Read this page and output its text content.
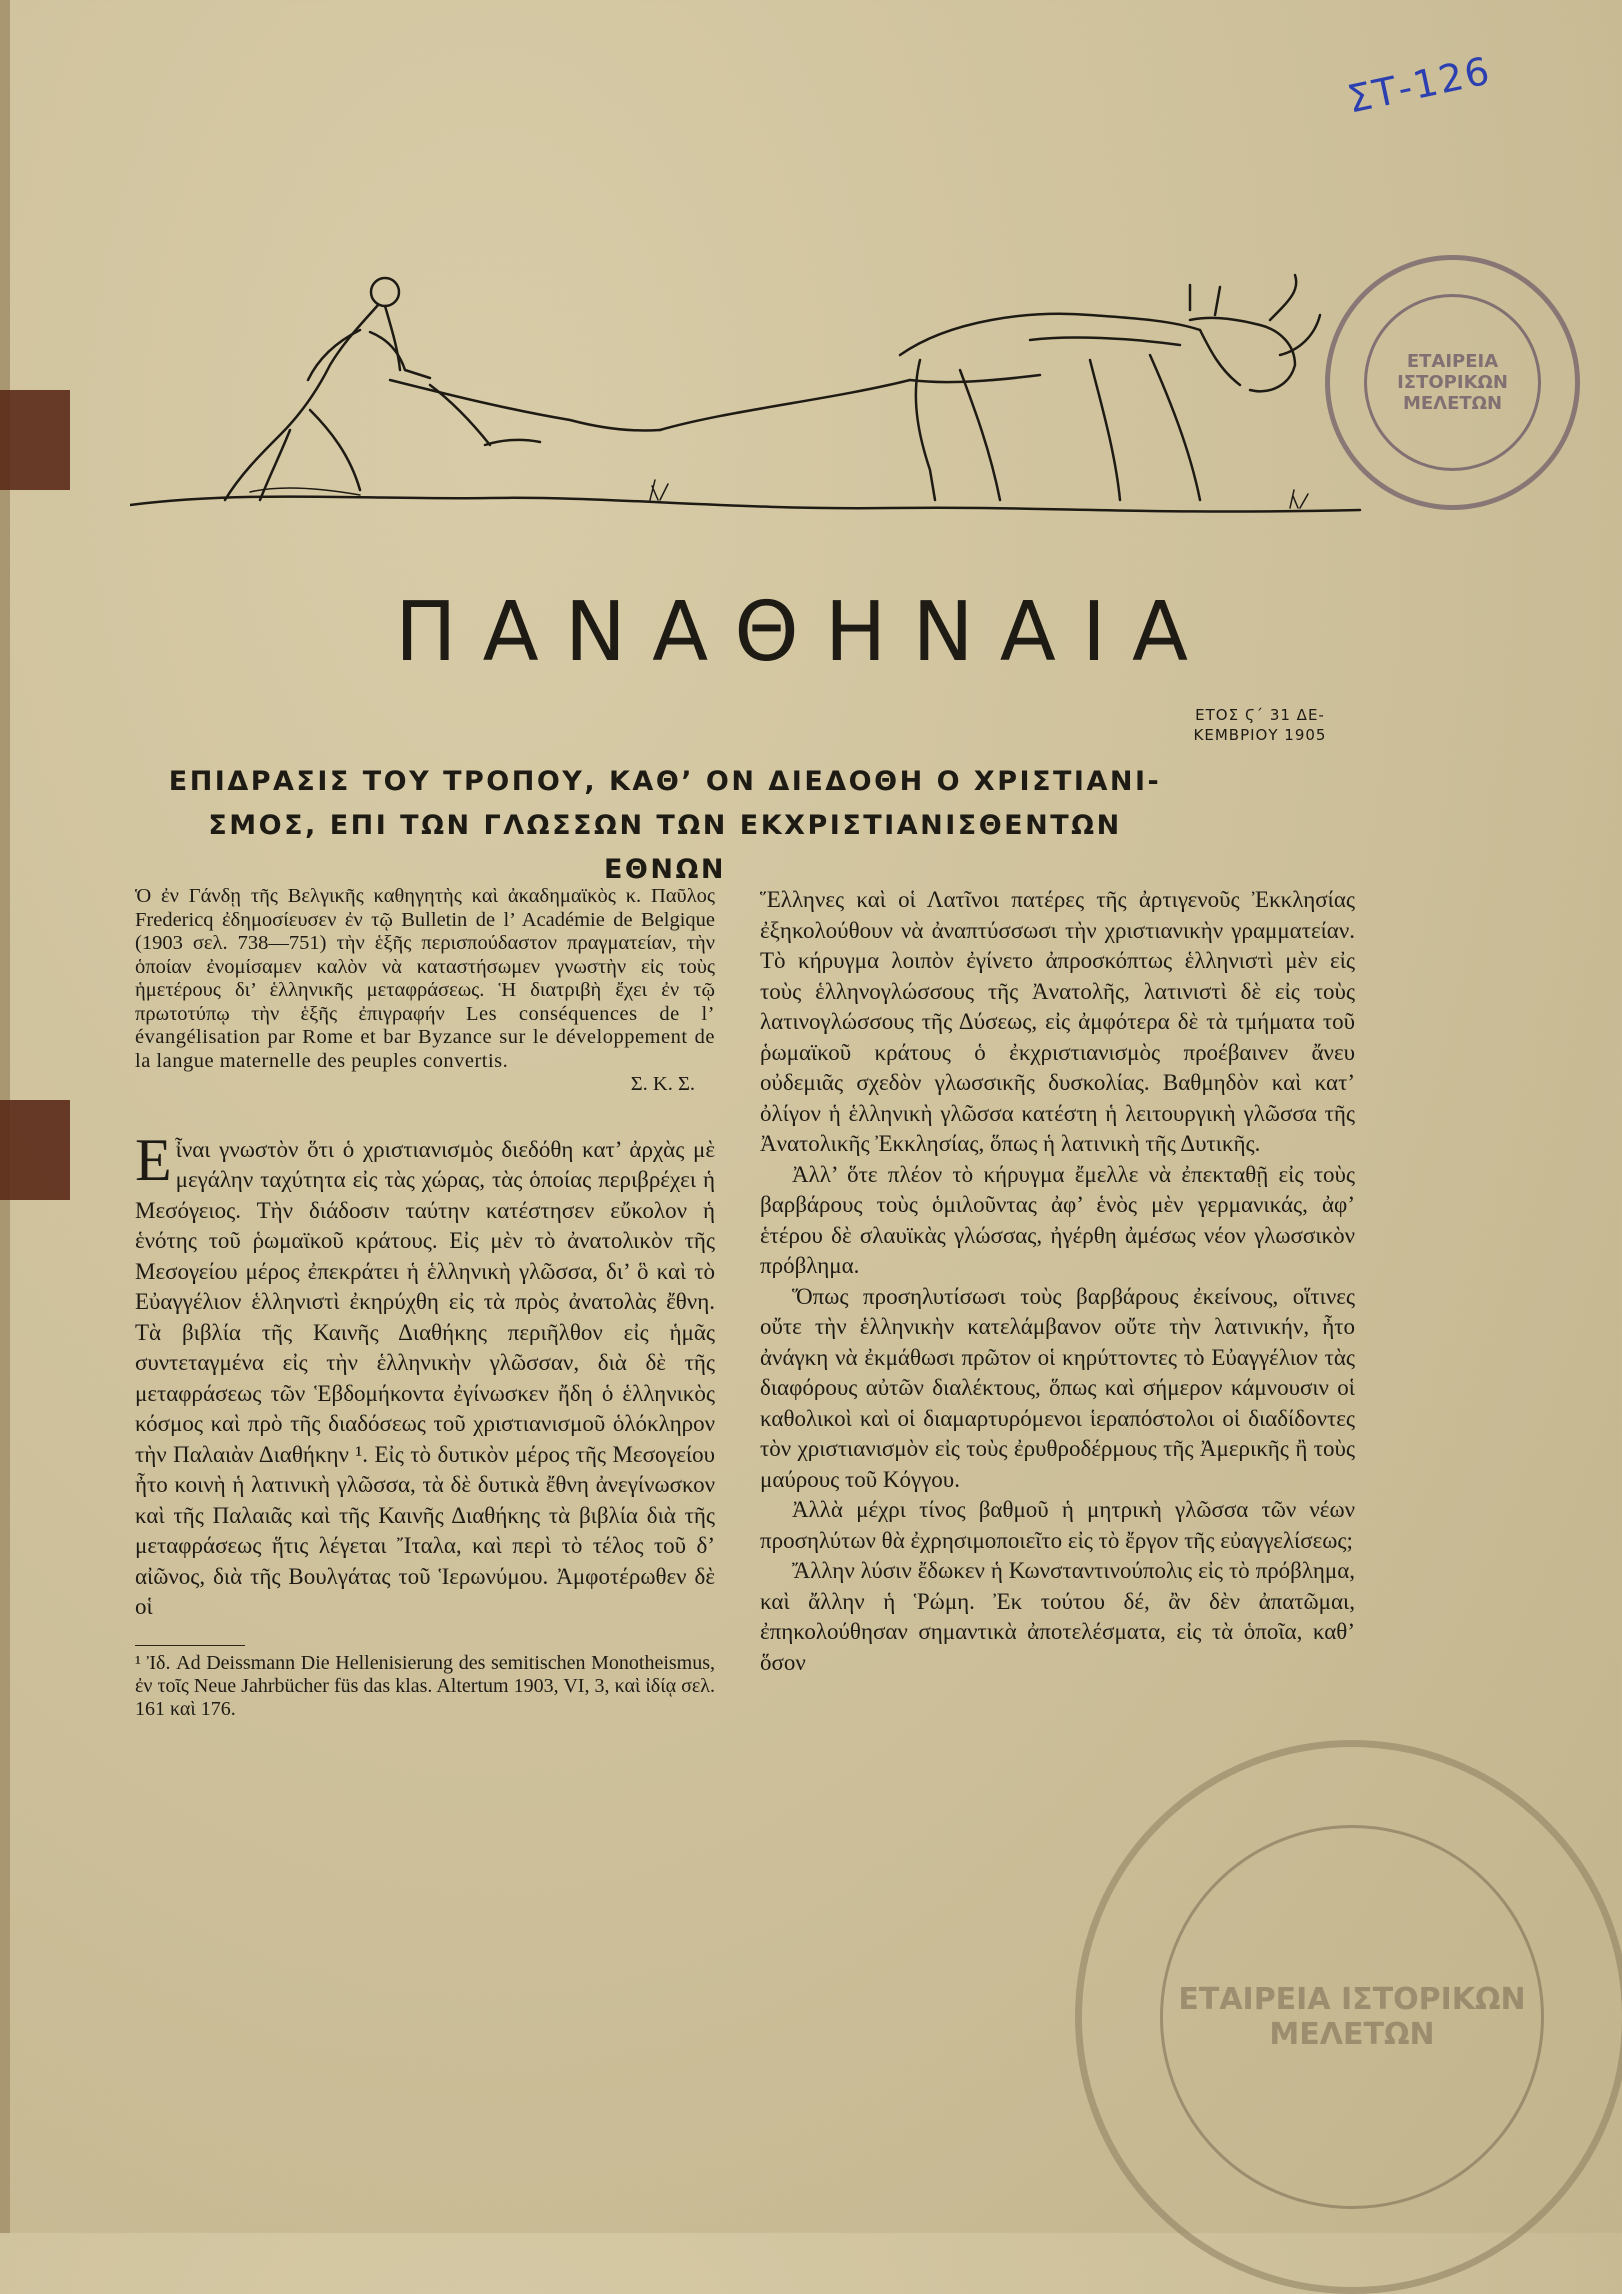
ΣΤ-126
ΕΤΑΙΡΕΙΑ ΙΣΤΟΡΙΚΩΝ ΜΕΛΕΤΩΝ
ΕΤΑΙΡΕΙΑ ΙΣΤΟΡΙΚΩΝ ΜΕΛΕΤΩΝ
ΠΑΝΑΘΗΝΑΙΑ
ΕΤΟΣ Ϛ΄ 31 ΔΕ-
ΚΕΜΒΡΙΟΥ 1905
ΕΠΙΔΡΑΣΙΣ ΤΟΥ ΤΡΟΠΟΥ, ΚΑΘ’ ΟΝ ΔΙΕΔΟΘΗ Ο ΧΡΙΣΤΙΑΝΙ-
ΣΜΟΣ, ΕΠΙ ΤΩΝ ΓΛΩΣΣΩΝ ΤΩΝ ΕΚΧΡΙΣΤΙΑΝΙΣΘΕΝΤΩΝ ΕΘΝΩΝ

Ὁ ἐν Γάνδῃ τῆς Βελγικῆς καθηγητὴς καὶ ἀκαδημαϊκὸς κ. Παῦλος Fredericq ἐδημοσίευσεν ἐν τῷ Bulletin de l’ Académie de Belgique (1903 σελ. 738—751) τὴν ἑξῆς περισπούδαστον πραγματείαν, τὴν ὁποίαν ἐνομίσαμεν καλὸν νὰ καταστήσωμεν γνωστὴν εἰς τοὺς ἡμετέρους δι’ ἑλληνικῆς μεταφράσεως. Ἡ διατριβὴ ἔχει ἐν τῷ πρωτοτύπῳ τὴν ἑξῆς ἐπιγραφήν Les conséquences de l’ évangélisation par Rome et bar Byzance sur le développement de la langue maternelle des peuples convertis.

Σ. Κ. Σ.

Εἶναι γνωστὸν ὅτι ὁ χριστιανισμὸς διεδόθη κατ’ ἀρχὰς μὲ μεγάλην ταχύτητα εἰς τὰς χώρας, τὰς ὁποίας περιβρέχει ἡ Μεσόγειος. Τὴν διάδοσιν ταύτην κατέστησεν εὔκολον ἡ ἑνότης τοῦ ῥωμαϊκοῦ κράτους. Εἰς μὲν τὸ ἀνατολικὸν τῆς Μεσογείου μέρος ἐπεκράτει ἡ ἑλληνικὴ γλῶσσα, δι’ ὃ καὶ τὸ Εὐαγγέλιον ἑλληνιστὶ ἐκηρύχθη εἰς τὰ πρὸς ἀνατολὰς ἔθνη. Τὰ βιβλία τῆς Καινῆς Διαθήκης περιῆλθον εἰς ἡμᾶς συντεταγμένα εἰς τὴν ἑλληνικὴν γλῶσσαν, διὰ δὲ τῆς μεταφράσεως τῶν Ἑβδομήκοντα ἐγίνωσκεν ἤδη ὁ ἑλληνικὸς κόσμος καὶ πρὸ τῆς διαδόσεως τοῦ χριστιανισμοῦ ὁλόκληρον τὴν Παλαιὰν Διαθήκην ¹. Εἰς τὸ δυτικὸν μέρος τῆς Μεσογείου ἦτο κοινὴ ἡ λατινικὴ γλῶσσα, τὰ δὲ δυτικὰ ἔθνη ἀνεγίνωσκον καὶ τῆς Παλαιᾶς καὶ τῆς Καινῆς Διαθήκης τὰ βιβλία διὰ τῆς μεταφράσεως ἥτις λέγεται Ἴταλα, καὶ περὶ τὸ τέλος τοῦ δ’ αἰῶνος, διὰ τῆς Βουλγάτας τοῦ Ἱερωνύμου. Ἀμφοτέρωθεν δὲ οἱ

¹ Ἰδ. Ad Deissmann Die Hellenisierung des semitischen Monotheismus, ἐν τοῖς Neue Jahrbücher füs das klas. Altertum 1903, VI, 3, καὶ ἰδίᾳ σελ. 161 καὶ 176.

Ἕλληνες καὶ οἱ Λατῖνοι πατέρες τῆς ἀρτιγενοῦς Ἐκκλησίας ἐξηκολούθουν νὰ ἀναπτύσσωσι τὴν χριστιανικὴν γραμματείαν. Τὸ κήρυγμα λοιπὸν ἐγίνετο ἀπροσκόπτως ἑλληνιστὶ μὲν εἰς τοὺς ἑλληνογλώσσους τῆς Ἀνατολῆς, λατινιστὶ δὲ εἰς τοὺς λατινογλώσσους τῆς Δύσεως, εἰς ἀμφότερα δὲ τὰ τμήματα τοῦ ῥωμαϊκοῦ κράτους ὁ ἐκχριστιανισμὸς προέβαινεν ἄνευ οὐδεμιᾶς σχεδὸν γλωσσικῆς δυσκολίας. Βαθμηδὸν καὶ κατ’ ὀλίγον ἡ ἑλληνικὴ γλῶσσα κατέστη ἡ λειτουργικὴ γλῶσσα τῆς Ἀνατολικῆς Ἐκκλησίας, ὅπως ἡ λατινικὴ τῆς Δυτικῆς.

Ἀλλ’ ὅτε πλέον τὸ κήρυγμα ἔμελλε νὰ ἐπεκταθῇ εἰς τοὺς βαρβάρους τοὺς ὁμιλοῦντας ἀφ’ ἑνὸς μὲν γερμανικάς, ἀφ’ ἑτέρου δὲ σλαυϊκὰς γλώσσας, ἠγέρθη ἀμέσως νέον γλωσσικὸν πρόβλημα.

Ὅπως προσηλυτίσωσι τοὺς βαρβάρους ἐκείνους, οἵτινες οὔτε τὴν ἑλληνικὴν κατελάμβανον οὔτε τὴν λατινικήν, ἦτο ἀνάγκη νὰ ἐκμάθωσι πρῶτον οἱ κηρύττοντες τὸ Εὐαγγέλιον τὰς διαφόρους αὐτῶν διαλέκτους, ὅπως καὶ σήμερον κάμνουσιν οἱ καθολικοὶ καὶ οἱ διαμαρτυρόμενοι ἱεραπόστολοι οἱ διαδίδοντες τὸν χριστιανισμὸν εἰς τοὺς ἐρυθροδέρμους τῆς Ἀμερικῆς ἢ τοὺς μαύρους τοῦ Κόγγου.

Ἀλλὰ μέχρι τίνος βαθμοῦ ἡ μητρικὴ γλῶσσα τῶν νέων προσηλύτων θὰ ἐχρησιμοποιεῖτο εἰς τὸ ἔργον τῆς εὐαγγελίσεως;

Ἄλλην λύσιν ἔδωκεν ἡ Κωνσταντινούπολις εἰς τὸ πρόβλημα, καὶ ἄλλην ἡ Ῥώμη. Ἐκ τούτου δέ, ἂν δὲν ἀπατῶμαι, ἐπηκολούθησαν σημαντικὰ ἀποτελέσματα, εἰς τὰ ὁποῖα, καθ’ ὅσον
